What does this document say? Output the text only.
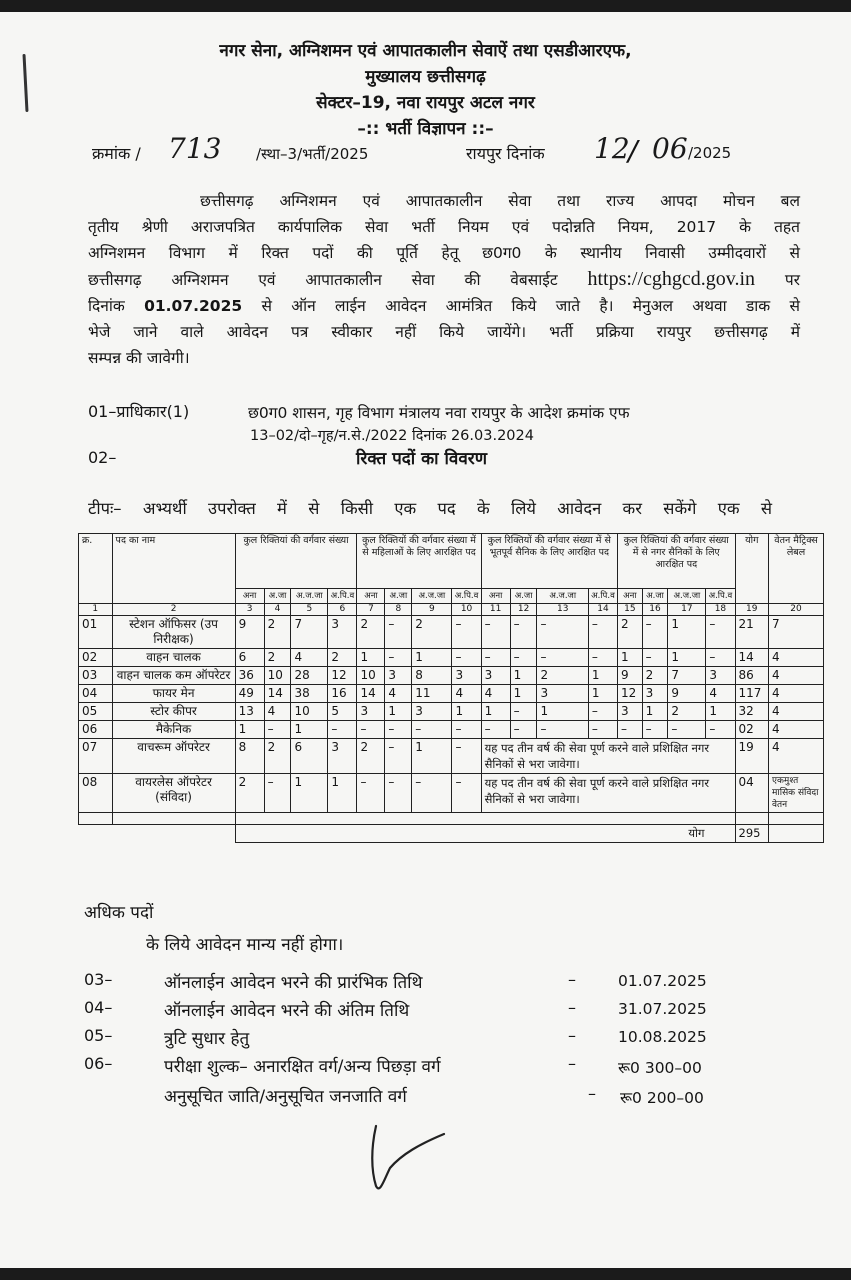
नगर सेना, अग्निशमन एवं आपातकालीन सेवाऐं तथा एसडीआरएफ,
मुख्यालय छत्तीसगढ़
सेक्टर–19, नवा रायपुर अटल नगर
–:: भर्ती विज्ञापन ::–
क्रमांक / 713 /स्था–3/भर्ती/2025	रायपुर दिनांक 12
/ 06 /2025
छत्तीसगढ़ अग्निशमन एवं आपातकालीन सेवा तथा राज्य आपदा मोचन बल
तृतीय श्रेणी अराजपत्रित कार्यपालिक सेवा भर्ती नियम एवं पदोन्नति नियम, 2017 के तहत
अग्निशमन विभाग में रिक्त पदों की पूर्ति हेतू छ0ग0 के स्थानीय निवासी उम्मीदवारों से
छत्तीसगढ़ अग्निशमन एवं आपातकालीन सेवा की वेबसाईट https://cghgcd.gov.in पर
दिनांक 01.07.2025 से ऑन लाईन आवेदन आमंत्रित किये जाते है। मेनुअल अथवा डाक से
भेजे जाने वाले आवेदन पत्र स्वीकार नहीं किये जायेंगे। भर्ती प्रक्रिया रायपुर छत्तीसगढ़ में
सम्पन्न की जावेगी।
01–प्राधिकार(1)	छ0ग0 शासन, गृह विभाग मंत्रालय नवा रायपुर के आदेश क्रमांक एफ
13–02/दो–गृह/न.से./2022 दिनांक 26.03.2024
02–	रिक्त पदों का विवरण
टीपः– अभ्यर्थी उपरोक्त में से किसी एक पद के लिये आवेदन कर सकेंगे एक से
क्र.	पद का नाम	कुल रिक्तियां की वर्गवार संख्या				कुल रिक्तियों की वर्गवार संख्या में से महिलाओं के लिए आरक्षित पद				कुल रिक्तियों की वर्गवार संख्या में से भूतपूर्व सैनिक के लिए आरक्षित पद				कुल रिक्तियां की वर्गवार संख्या में से नगर सैनिकों के लिए आरक्षित पद				योग	वेतन मैट्रिक्स लेबल
		अना	अ.जा	अ.ज.जा	अ.पि.व	अना	अ.जा	अ.ज.जा	अ.पि.व	अना	अ.जा	अ.ज.जा	अ.पि.व	अना	अ.जा	अ.ज.जा	अ.पि.व		
1	2	3	4	5	6	7	8	9	10	11	12	13	14	15	16	17	18	19	20
01	स्टेशन ऑफिसर (उप निरीक्षक)	9	2	7	3	2	–	2	–	–	–	–	–	2	–	1	–	21	7
02	वाहन चालक	6	2	4	2	1	–	1	–	–	–	–	–	1	–	1	–	14	4
03	वाहन चालक कम ऑपरेटर	36	10	28	12	10	3	8	3	3	1	2	1	9	2	7	3	86	4
04	फायर मेन	49	14	38	16	14	4	11	4	4	1	3	1	12	3	9	4	117	4
05	स्टोर कीपर	13	4	10	5	3	1	3	1	1	–	1	–	3	1	2	1	32	4
06	मैकेनिक	1	–	1	–	–	–	–	–	–	–	–	–	–	–	–	–	02	4
07	वाचरूम ऑपरेटर	8	2	6	3	2	–	1	–	यह पद तीन वर्ष की सेवा पूर्ण करने वाले प्रशिक्षित नगर सैनिकों से भरा जावेगा।								19	4
08	वायरलेस ऑपरेटर (संविदा)	2	–	1	1	–	–	–	–	यह पद तीन वर्ष की सेवा पूर्ण करने वाले प्रशिक्षित नगर सैनिकों से भरा जावेगा।								04	एकमुश्त मासिक संविदा वेतन

		योग																295	
अधिक पदों
के लिये आवेदन मान्य नहीं होगा।
03–	ऑनलाईन आवेदन भरने की प्रारंभिक तिथि	–	01.07.2025
04–	ऑनलाईन आवेदन भरने की अंतिम तिथि	–	31.07.2025
05–	त्रुटि सुधार हेतु	–	10.08.2025
06–	परीक्षा शुल्क– अनारक्षित वर्ग/अन्य पिछड़ा वर्ग	–	रू0 300–00
अनुसूचित जाति/अनुसूचित जनजाति वर्ग	– रू0 200–00
